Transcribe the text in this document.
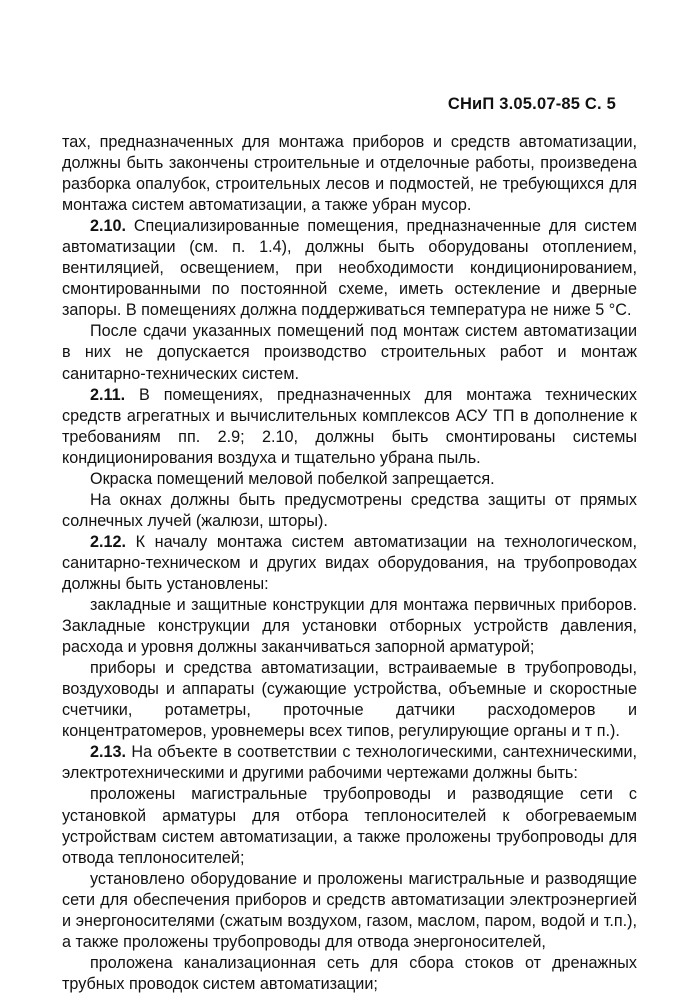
СНиП 3.05.07-85 С. 5

тах, предназначенных для монтажа приборов и средств автоматизации, должны быть закончены строительные и отделочные работы, произведена разборка опалубок, строительных лесов и подмостей, не требующихся для монтажа систем автоматизации, а также убран мусор.

2.10. Специализированные помещения, предназначенные для систем автоматизации (см. п. 1.4), должны быть оборудованы отоплением, вентиляцией, освещением, при необходимости кондиционированием, смонтированными по постоянной схеме, иметь остекление и дверные запоры. В помещениях должна поддерживаться температура не ниже 5 °С.

После сдачи указанных помещений под монтаж систем автоматизации в них не допускается производство строительных работ и монтаж санитарно-технических систем.

2.11. В помещениях, предназначенных для монтажа технических средств агрегатных и вычислительных комплексов АСУ ТП в дополнение к требованиям пп. 2.9; 2.10, должны быть смонтированы системы кондиционирования воздуха и тщательно убрана пыль.

Окраска помещений меловой побелкой запрещается.

На окнах должны быть предусмотрены средства защиты от прямых солнечных лучей (жалюзи, шторы).

2.12. К началу монтажа систем автоматизации на технологическом, санитарно-техническом и других видах оборудования, на трубопроводах должны быть установлены:

закладные и защитные конструкции для монтажа первичных приборов. Закладные конструкции для установки отборных устройств давления, расхода и уровня должны заканчиваться запорной арматурой;

приборы и средства автоматизации, встраиваемые в трубопроводы, воздуховоды и аппараты (сужающие устройства, объемные и скоростные счетчики, ротаметры, проточные датчики расходомеров и концентратомеров, уровнемеры всех типов, регулирующие органы и т п.).

2.13. На объекте в соответствии с технологическими, сантехническими, электротехническими и другими рабочими чертежами должны быть:

проложены магистральные трубопроводы и разводящие сети с установкой арматуры для отбора теплоносителей к обогреваемым устройствам систем автоматизации, а также проложены трубопроводы для отвода теплоносителей;

установлено оборудование и проложены магистральные и разводящие сети для обеспечения приборов и средств автоматизации электроэнергией и энергоносителями (сжатым воздухом, газом, маслом, паром, водой и т.п.), а также проложены трубопроводы для отвода энергоносителей,

проложена канализационная сеть для сбора стоков от дренажных трубных проводок систем автоматизации;
